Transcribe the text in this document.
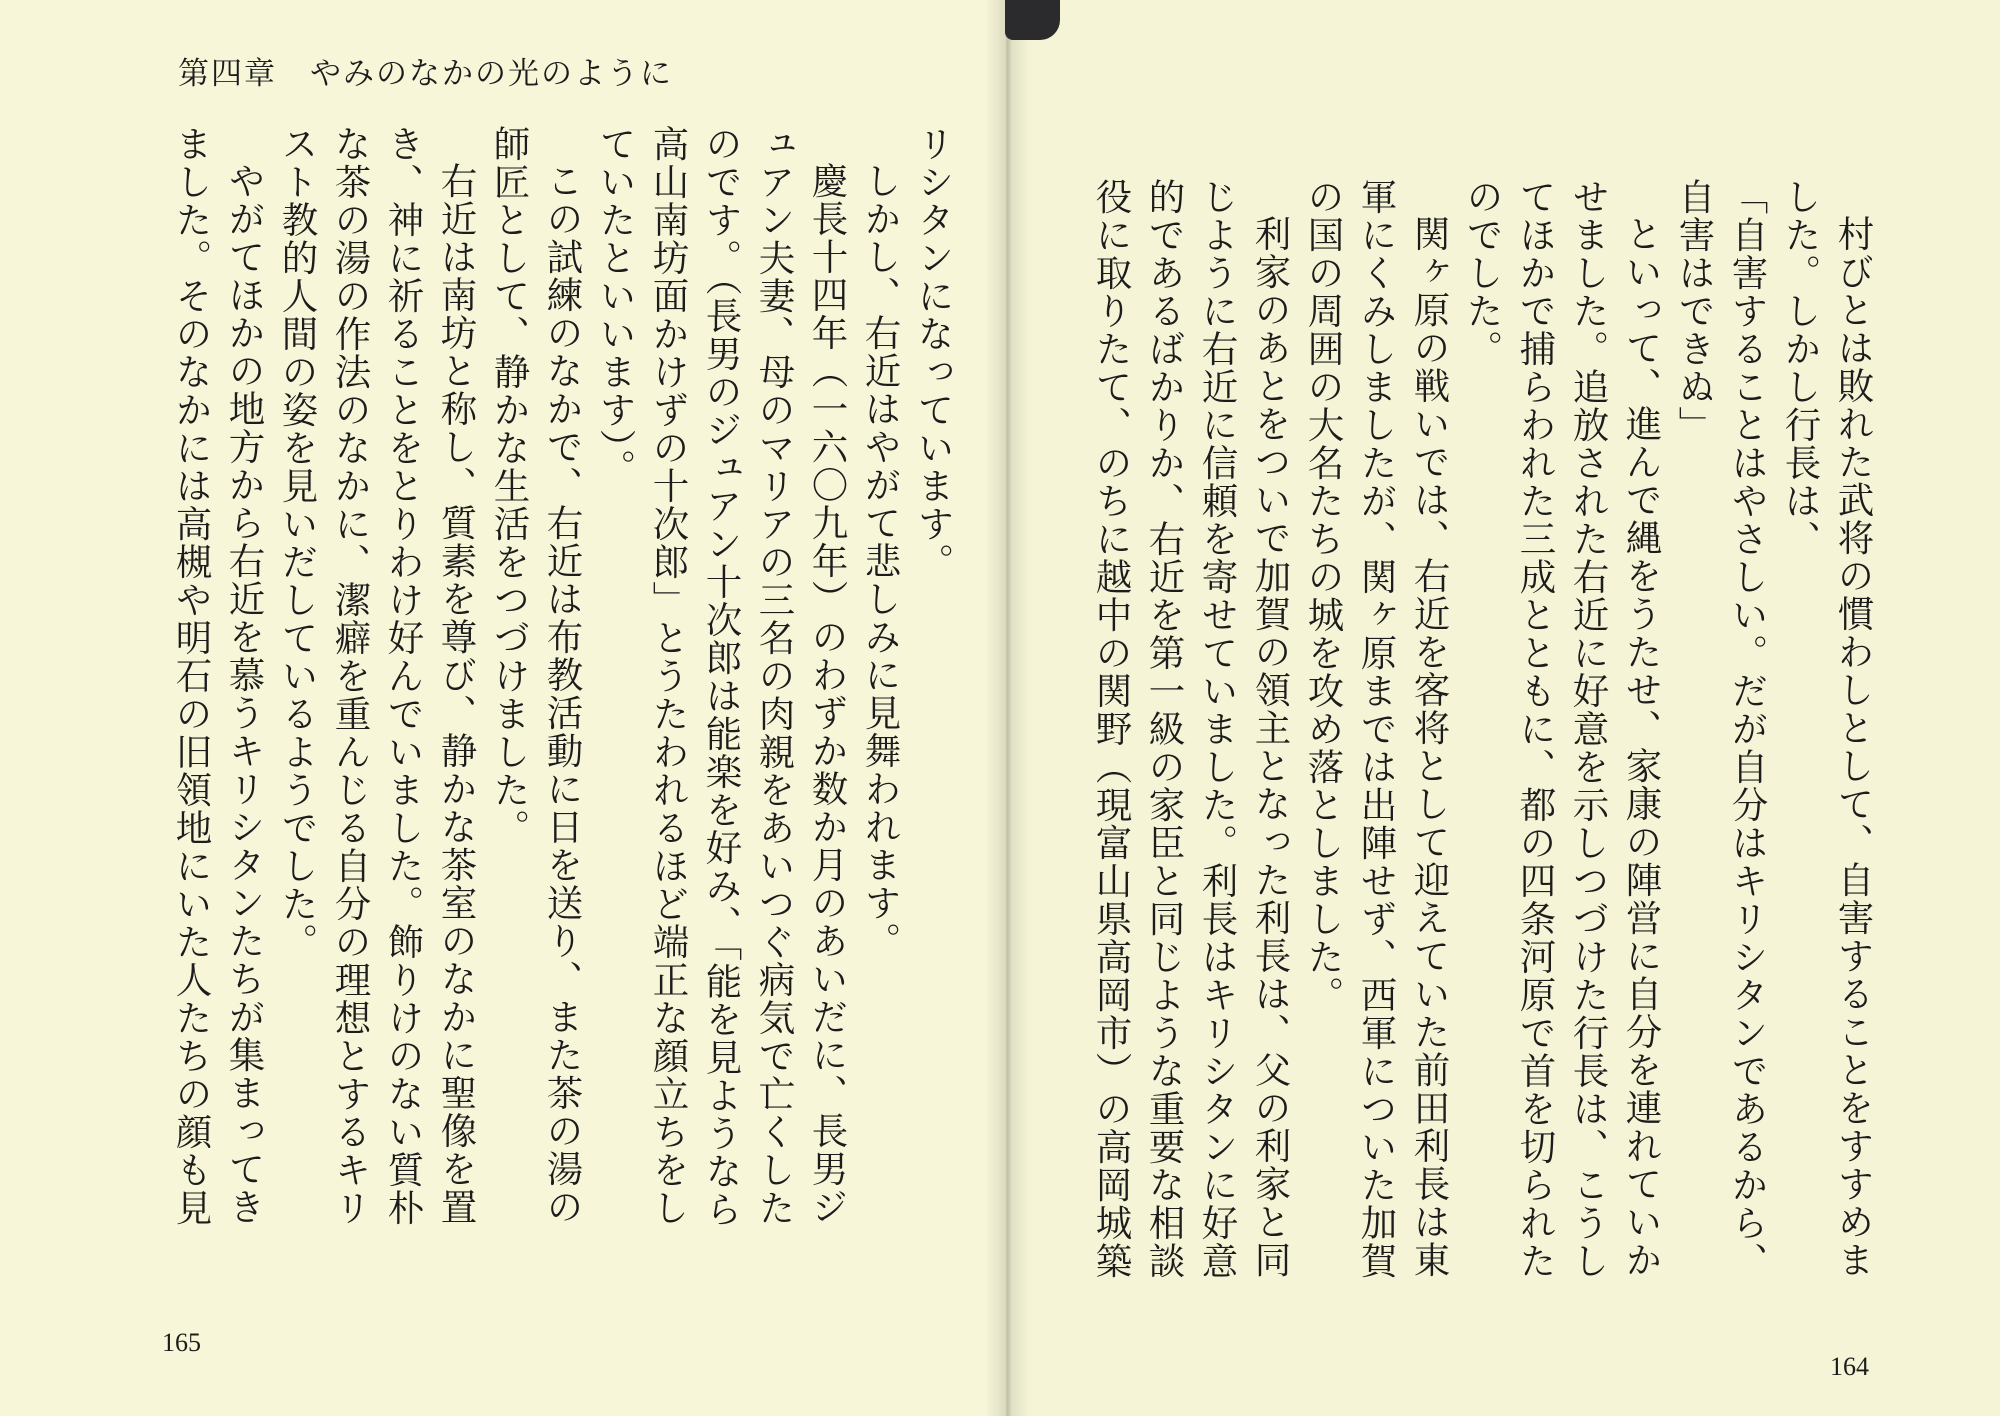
第四章　やみのなかの光のように

リシタンになっています。

しかし、右近はやがて悲しみに見舞われます。

慶長十四年（一六〇九年）のわずか数か月のあいだに、長男ジュアン夫妻、母のマリアの三名の肉親をあいつぐ病気で亡くしたのです。（長男のジュアン十次郎は能楽を好み、「能を見ようなら高山南坊面かけずの十次郎」とうたわれるほど端正な顔立ちをしていたといいます）。

この試練のなかで、右近は布教活動に日を送り、また茶の湯の師匠として、静かな生活をつづけました。

右近は南坊と称し、質素を尊び、静かな茶室のなかに聖像を置き、神に祈ることをとりわけ好んでいました。飾りけのない質朴な茶の湯の作法のなかに、潔癖を重んじる自分の理想とするキリスト教的人間の姿を見いだしているようでした。

やがてほかの地方から右近を慕うキリシタンたちが集まってきました。そのなかには高槻や明石の旧領地にいた人たちの顔も見

165

村びとは敗れた武将の慣わしとして、自害することをすすめました。しかし行長は、

「自害することはやさしい。だが自分はキリシタンであるから、自害はできぬ」

といって、進んで縄をうたせ、家康の陣営に自分を連れていかせました。追放された右近に好意を示しつづけた行長は、こうしてほかで捕らわれた三成とともに、都の四条河原で首を切られたのでした。

関ヶ原の戦いでは、右近を客将として迎えていた前田利長は東軍にくみしましたが、関ヶ原までは出陣せず、西軍についた加賀の国の周囲の大名たちの城を攻め落としました。

利家のあとをついで加賀の領主となった利長は、父の利家と同じように右近に信頼を寄せていました。利長はキリシタンに好意的であるばかりか、右近を第一級の家臣と同じような重要な相談役に取りたて、のちに越中の関野（現富山県高岡市）の高岡城築

164
